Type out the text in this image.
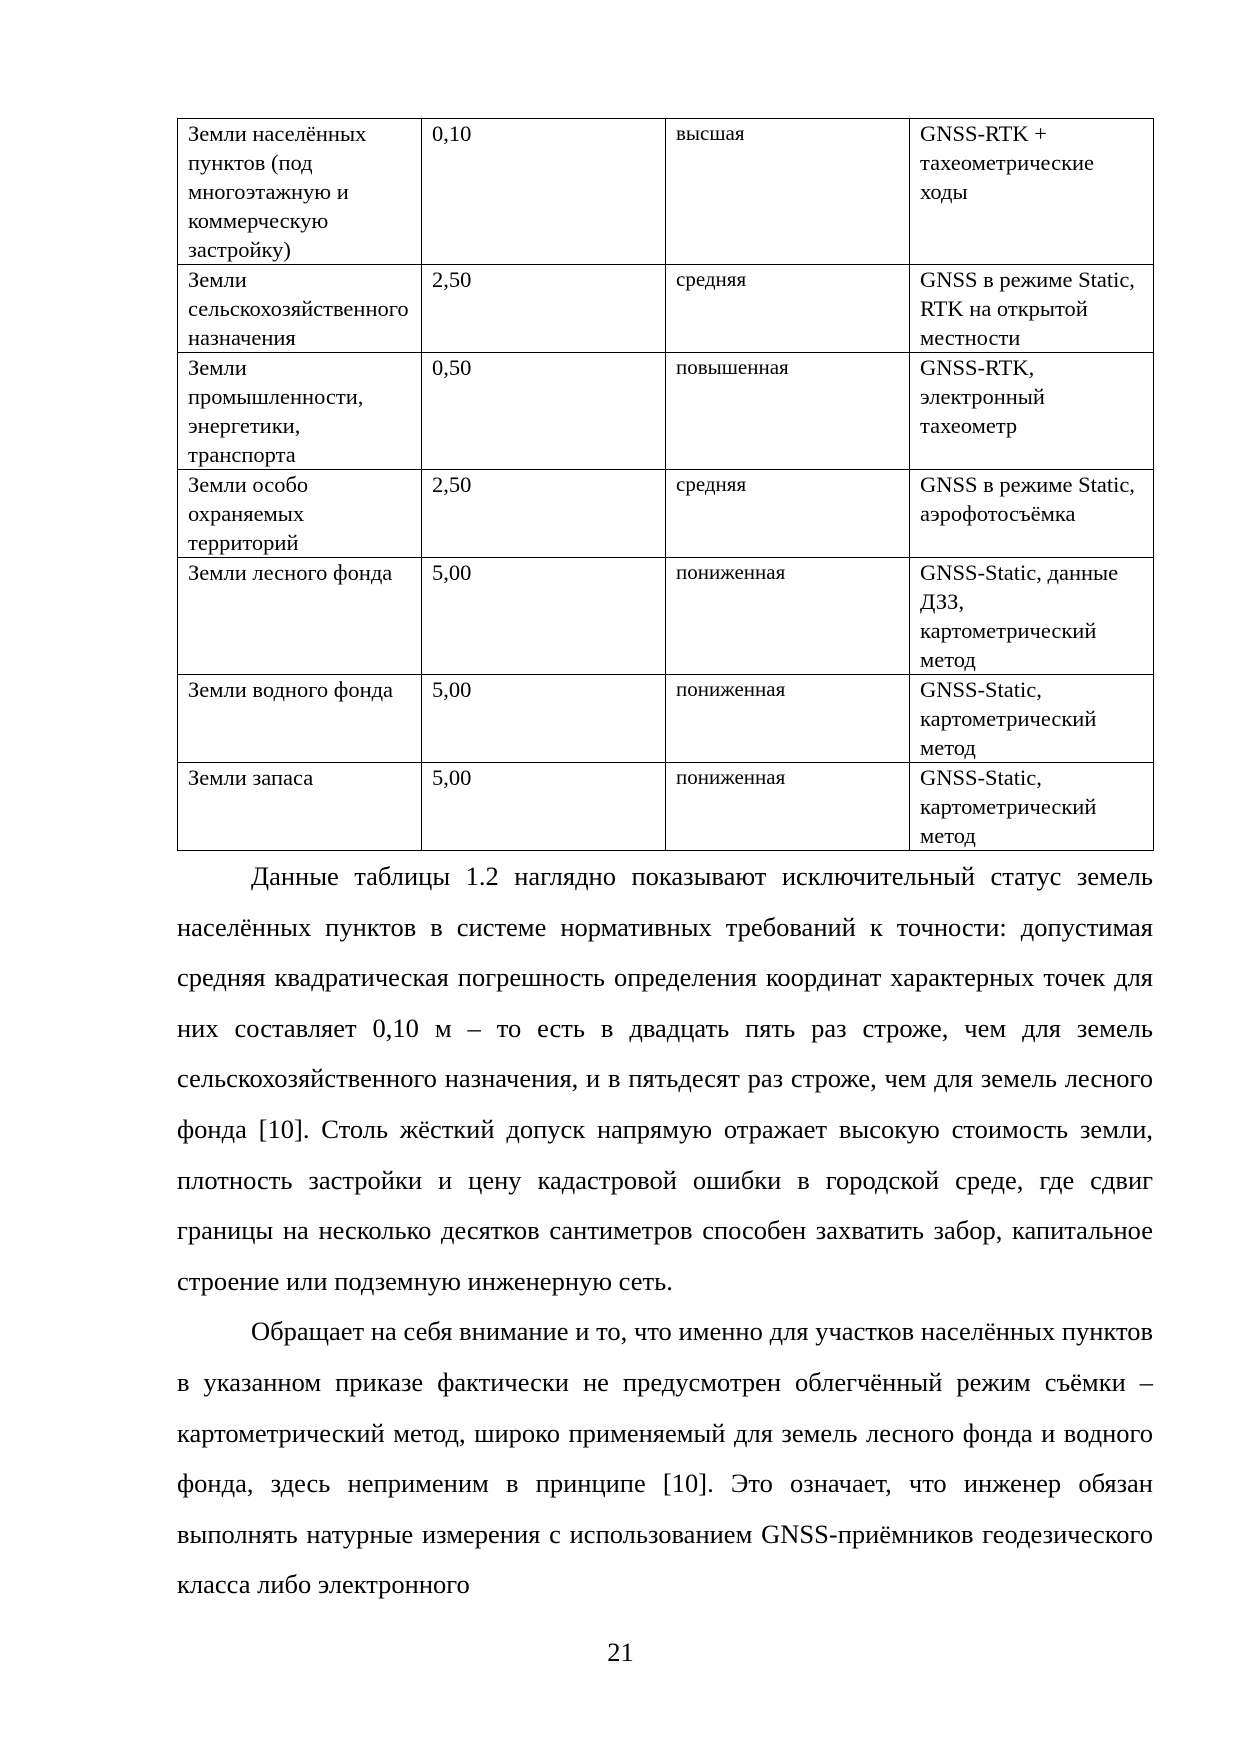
Земли населённых пунктов (под многоэтажную и коммерческую застройку)	0,10	высшая	GNSS-RTK + тахеометрические ходы
Земли сельскохозяйственного назначения	2,50	средняя	GNSS в режиме Static, RTK на открытой местности
Земли промышленности, энергетики, транспорта	0,50	повышенная	GNSS-RTK, электронный тахеометр
Земли особо охраняемых территорий	2,50	средняя	GNSS в режиме Static, аэрофотосъёмка
Земли лесного фонда	5,00	пониженная	GNSS-Static, данные ДЗЗ, картометрический метод
Земли водного фонда	5,00	пониженная	GNSS-Static, картометрический метод
Земли запаса	5,00	пониженная	GNSS-Static, картометрический метод

Данные таблицы 1.2 наглядно показывают исключительный статус земель населённых пунктов в системе нормативных требований к точности: допустимая средняя квадратическая погрешность определения координат характерных точек для них составляет 0,10 м – то есть в двадцать пять раз строже, чем для земель сельскохозяйственного назначения, и в пятьдесят раз строже, чем для земель лесного фонда [10]. Столь жёсткий допуск напрямую отражает высокую стоимость земли, плотность застройки и цену кадастровой ошибки в городской среде, где сдвиг границы на несколько десятков сантиметров способен захватить забор, капитальное строение или подземную инженерную сеть.

Обращает на себя внимание и то, что именно для участков населённых пунктов в указанном приказе фактически не предусмотрен облегчённый режим съёмки – картометрический метод, широко применяемый для земель лесного фонда и водного фонда, здесь неприменим в принципе [10]. Это означает, что инженер обязан выполнять натурные измерения с использованием GNSS-приёмников геодезического класса либо электронного

21
